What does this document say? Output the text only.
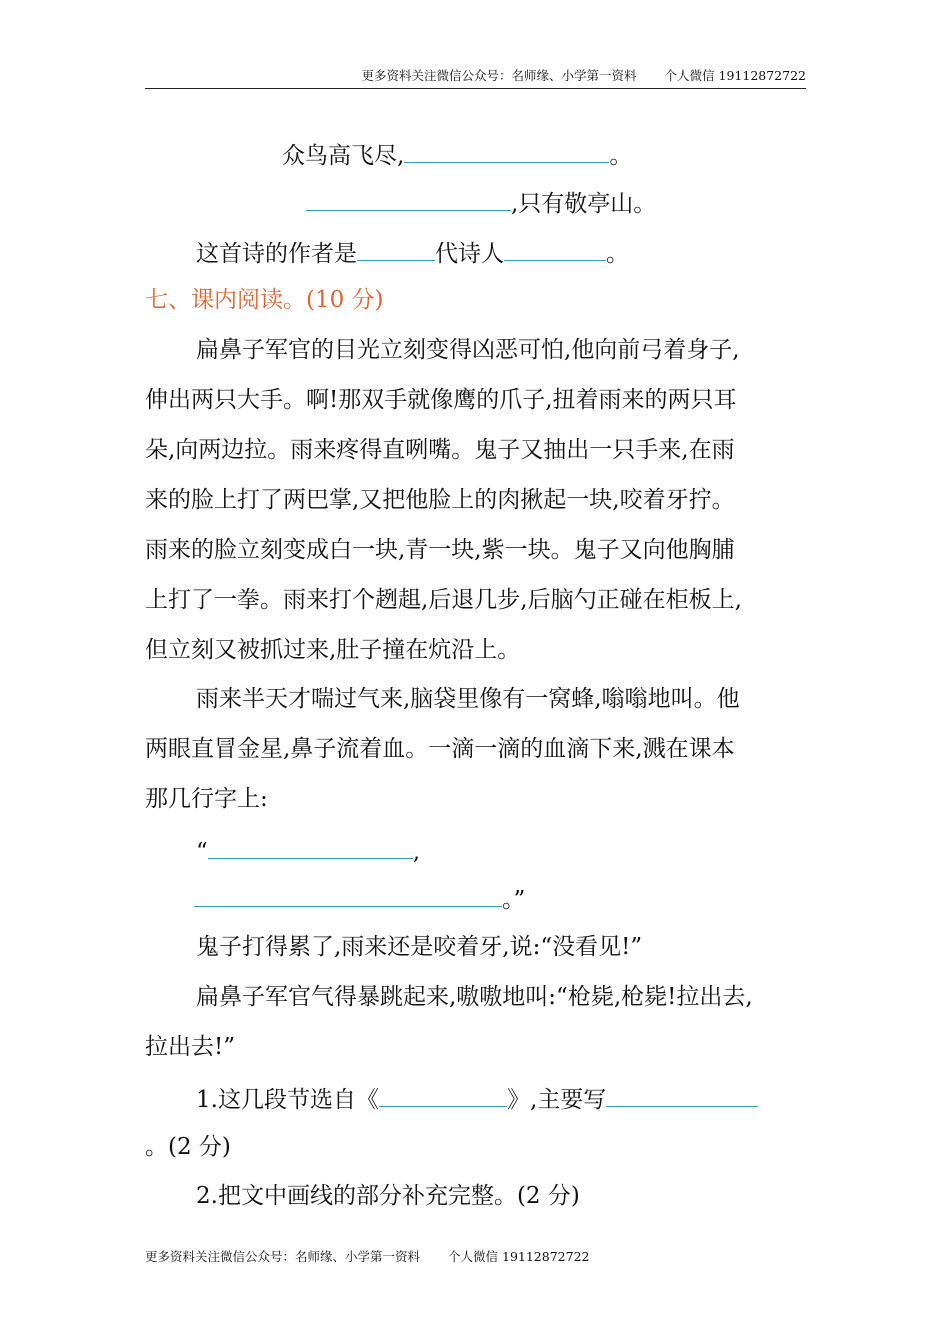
更多资料关注微信公众号：名师缘、小学第一资料 个人微信 19112872722
众鸟高飞尽,	。
,只有敬亭山。
这首诗的作者是	代诗人	。
七、课内阅读。(10 分)
扁鼻子军官的目光立刻变得凶恶可怕,他向前弓着身子,
伸出两只大手。啊!那双手就像鹰的爪子,扭着雨来的两只耳
朵,向两边拉。雨来疼得直咧嘴。鬼子又抽出一只手来,在雨
来的脸上打了两巴掌,又把他脸上的肉揪起一块,咬着牙拧。
雨来的脸立刻变成白一块,青一块,紫一块。鬼子又向他胸脯
上打了一拳。雨来打个趔趄,后退几步,后脑勺正碰在柜板上,
但立刻又被抓过来,肚子撞在炕沿上。
雨来半天才喘过气来,脑袋里像有一窝蜂,嗡嗡地叫。他
两眼直冒金星,鼻子流着血。一滴一滴的血滴下来,溅在课本
那几行字上:
“	,
。”
鬼子打得累了,雨来还是咬着牙,说:“没看见!”
扁鼻子军官气得暴跳起来,嗷嗷地叫:“枪毙,枪毙!拉出去,
拉出去!”
1.这几段节选自《	》,主要写
。(2 分)
2.把文中画线的部分补充完整。(2 分)
更多资料关注微信公众号：名师缘、小学第一资料 个人微信 19112872722
